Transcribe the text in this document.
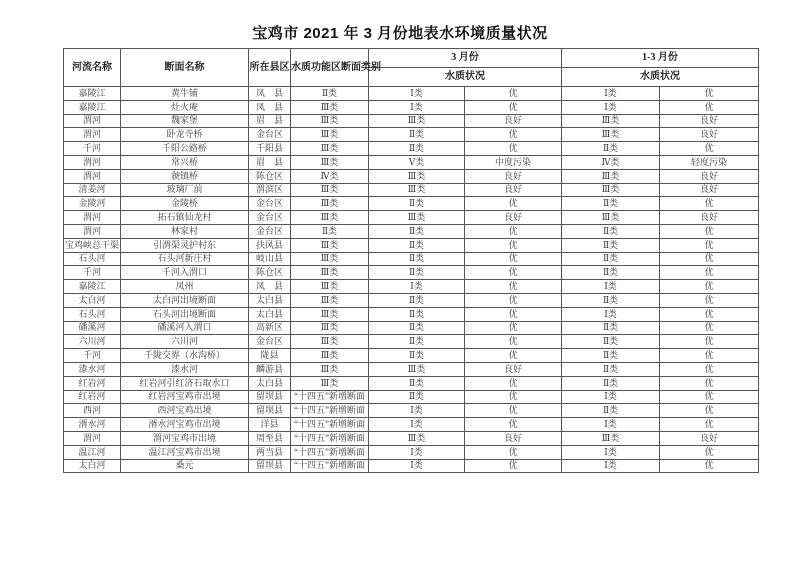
宝鸡市 2021 年 3 月份地表水环境质量状况
河流名称	断面名称	所在县区	水质功能区断面类别	3 月份		1-3 月份	
				水质状况		水质状况	
嘉陵江	黄牛铺	凤　县	Ⅱ类	Ⅰ类	优	Ⅰ类	优
嘉陵江	灶火庵	凤　县	Ⅲ类	Ⅰ类	优	Ⅰ类	优
渭河	魏家堡	眉　县	Ⅲ类	Ⅲ类	良好	Ⅲ类	良好
渭河	卧龙寺桥	金台区	Ⅲ类	Ⅱ类	优	Ⅲ类	良好
千河	千阳公路桥	千阳县	Ⅲ类	Ⅱ类	优	Ⅱ类	优
渭河	常兴桥	眉　县	Ⅲ类	Ⅴ类	中度污染	Ⅳ类	轻度污染
渭河	虢镇桥	陈仓区	Ⅳ类	Ⅲ类	良好	Ⅲ类	良好
清姜河	玻璃厂前	渭滨区	Ⅲ类	Ⅲ类	良好	Ⅲ类	良好
金陵河	金陵桥	金台区	Ⅲ类	Ⅱ类	优	Ⅱ类	优
渭河	拓石镇仙龙村	金台区	Ⅲ类	Ⅲ类	良好	Ⅲ类	良好
渭河	林家村	金台区	Ⅱ类	Ⅱ类	优	Ⅱ类	优
宝鸡峡总干渠	引渭渠灵护村东	扶风县	Ⅲ类	Ⅱ类	优	Ⅱ类	优
石头河	石头河新庄村	岐山县	Ⅲ类	Ⅱ类	优	Ⅱ类	优
千河	千河入渭口	陈仓区	Ⅲ类	Ⅱ类	优	Ⅱ类	优
嘉陵江	凤州	凤　县	Ⅲ类	Ⅰ类	优	Ⅰ类	优
太白河	太白河出境断面	太白县	Ⅲ类	Ⅱ类	优	Ⅱ类	优
石头河	石头河出境断面	太白县	Ⅲ类	Ⅱ类	优	Ⅰ类	优
磻溪河	磻溪河入渭口	高新区	Ⅲ类	Ⅱ类	优	Ⅱ类	优
六川河	六川河	金台区	Ⅲ类	Ⅱ类	优	Ⅱ类	优
千河	千陇交界（水沟桥）	陇县	Ⅲ类	Ⅱ类	优	Ⅱ类	优
漆水河	漆水河	麟游县	Ⅲ类	Ⅲ类	良好	Ⅱ类	优
红岩河	红岩河引红济石取水口	太白县	Ⅲ类	Ⅱ类	优	Ⅱ类	优
红岩河	红岩河宝鸡市出境	留坝县	“十四五”新增断面	Ⅱ类	优	Ⅰ类	优
西河	西河宝鸡出境	留坝县	“十四五”新增断面	Ⅰ类	优	Ⅱ类	优
湑水河	湑水河宝鸡市出境	洋县	“十四五”新增断面	Ⅰ类	优	Ⅰ类	优
渭河	渭河宝鸡市出境	周至县	“十四五”新增断面	Ⅲ类	良好	Ⅲ类	良好
温江河	温江河宝鸡市出境	两当县	“十四五”新增断面	Ⅰ类	优	Ⅰ类	优
太白河	桑元	留坝县	“十四五”新增断面	Ⅰ类	优	Ⅰ类	优
